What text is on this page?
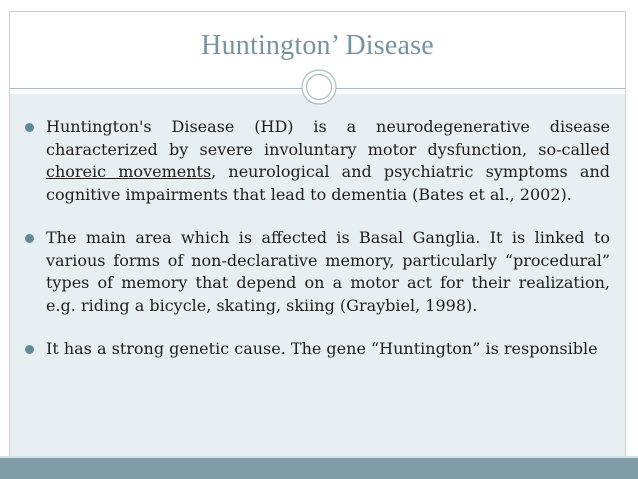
Huntington’ Disease

Huntington's Disease (HD) is a neurodegenerative disease characterized by severe involuntary motor dysfunction, so-called choreic movements, neurological and psychiatric symptoms and cognitive impairments that lead to dementia (Bates et al., 2002).

The main area which is affected is Basal Ganglia. It is linked to various forms of non-declarative memory, particularly “procedural” types of memory that depend on a motor act for their realization, e.g. riding a bicycle, skating, skiing (Graybiel, 1998).

It has a strong genetic cause. The gene “Huntington” is responsible
